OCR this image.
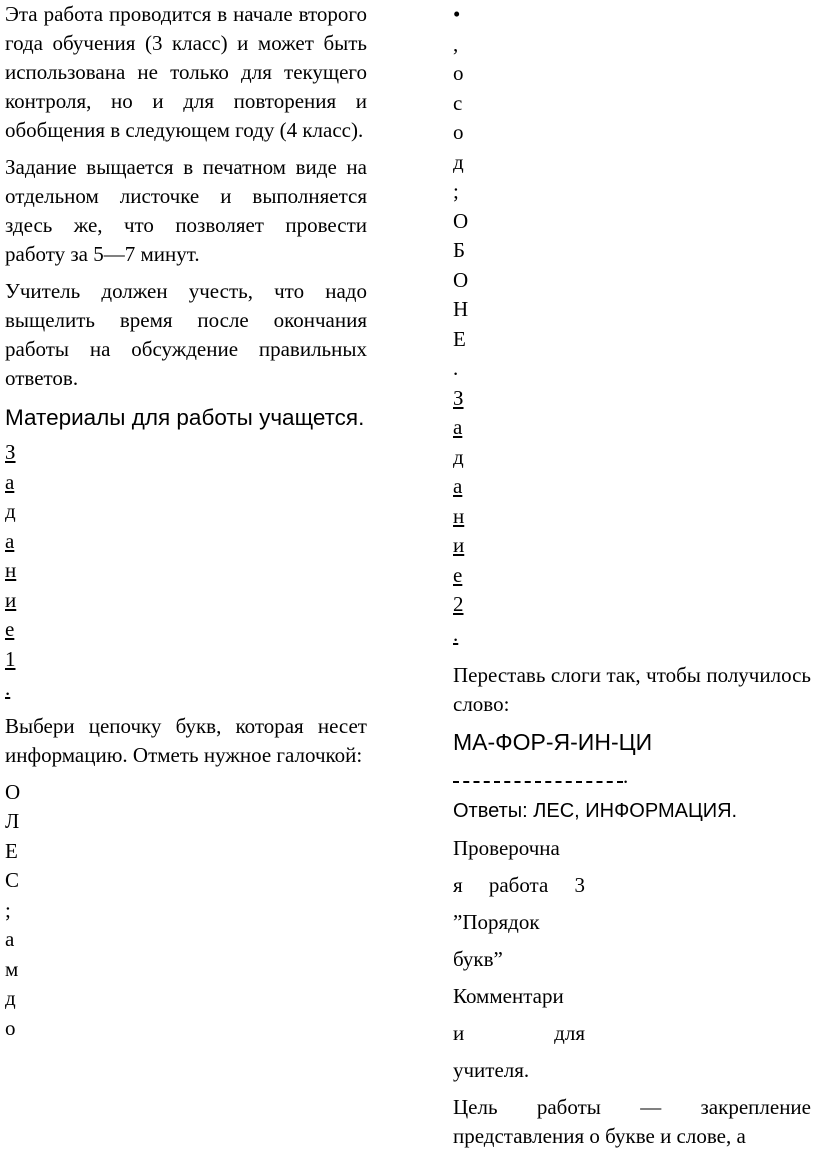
Эта работа проводится в начале второго года обучения (3 класс) и может быть использована не только для текущего контроля, но и для повторения и обобщения в следующем году (4 класс).

Задание выщается в печатном виде на отдельном листочке и выполняется здесь же, что позволяет провести работу за 5—7 минут.

Учитель должен учесть, что надо выщелить время после окончания работы на обсуждение правильных ответов.

Материалы для работы учащется.

З
а
д
а
н
и
е
1
.

Выбери цепочку букв, которая несет информацию. Отметь нужное галочкой:

О
Л
Е
С
;
а
м
д
о
•
,
о
с
о
д
;
О
Б
О
Н
Е
.
З
а
д
а
н
и
е
2
.

Переставь слоги так, чтобы получилось слово:

МА-ФОР-Я-ИН-ЦИ

.

Ответы: ЛЕС, ИНФОРМАЦИЯ.

Проверочна

я работа 3

”Порядок

букв”

Комментари

и для

учителя.

Цель работы — закрепление представления о букве и слове, а
